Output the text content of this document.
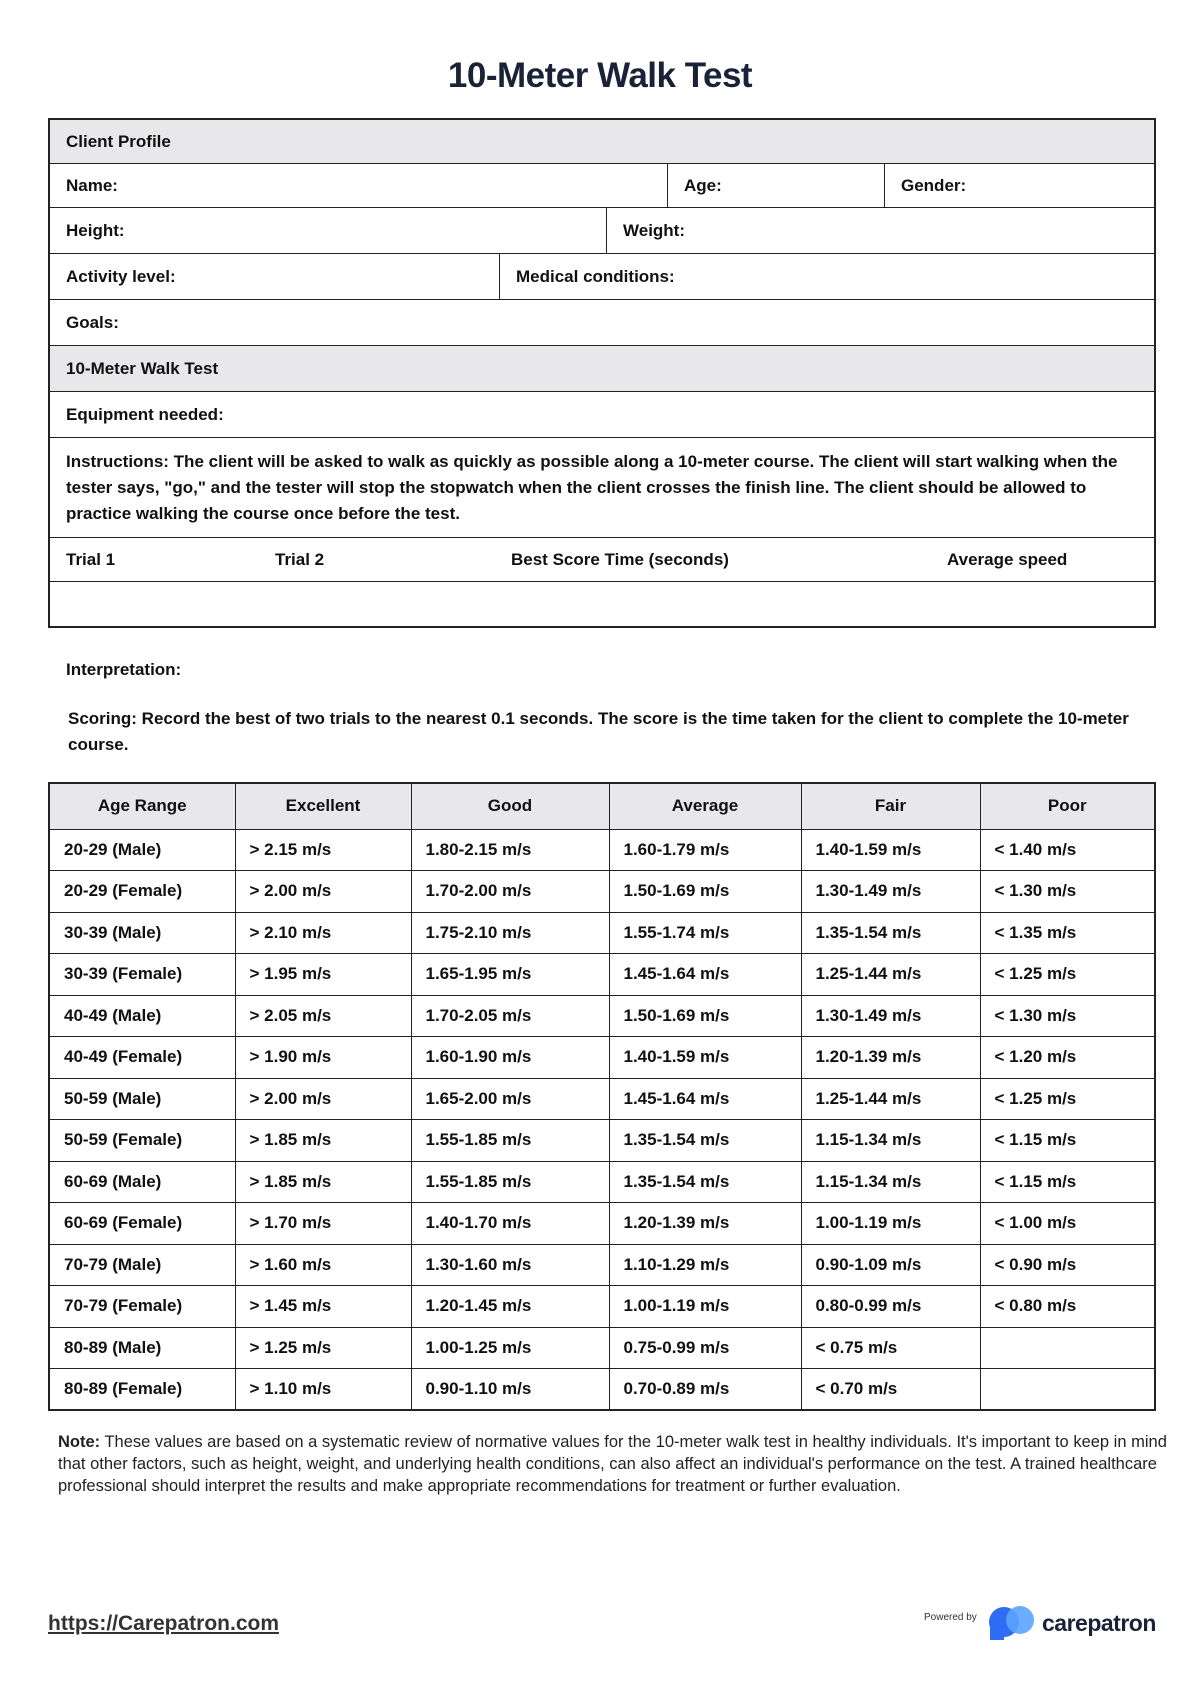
10-Meter Walk Test
Client Profile
Name:	Age:	Gender:
Height:	Weight:
Activity level:	Medical conditions:
Goals:
10-Meter Walk Test
Equipment needed:
Instructions: The client will be asked to walk as quickly as possible along a 10-meter course. The client will start walking when the tester says, "go," and the tester will stop the stopwatch when the client crosses the finish line. The client should be allowed to practice walking the course once before the test.
Trial 1	Trial 2	Best Score Time (seconds)	Average speed
Interpretation:
Scoring: Record the best of two trials to the nearest 0.1 seconds. The score is the time taken for the client to complete the 10-meter course.
Age Range	Excellent	Good	Average	Fair	Poor
20-29 (Male)	> 2.15 m/s	1.80-2.15 m/s	1.60-1.79 m/s	1.40-1.59 m/s	< 1.40 m/s
20-29 (Female)	> 2.00 m/s	1.70-2.00 m/s	1.50-1.69 m/s	1.30-1.49 m/s	< 1.30 m/s
30-39 (Male)	> 2.10 m/s	1.75-2.10 m/s	1.55-1.74 m/s	1.35-1.54 m/s	< 1.35 m/s
30-39 (Female)	> 1.95 m/s	1.65-1.95 m/s	1.45-1.64 m/s	1.25-1.44 m/s	< 1.25 m/s
40-49 (Male)	> 2.05 m/s	1.70-2.05 m/s	1.50-1.69 m/s	1.30-1.49 m/s	< 1.30 m/s
40-49 (Female)	> 1.90 m/s	1.60-1.90 m/s	1.40-1.59 m/s	1.20-1.39 m/s	< 1.20 m/s
50-59 (Male)	> 2.00 m/s	1.65-2.00 m/s	1.45-1.64 m/s	1.25-1.44 m/s	< 1.25 m/s
50-59 (Female)	> 1.85 m/s	1.55-1.85 m/s	1.35-1.54 m/s	1.15-1.34 m/s	< 1.15 m/s
60-69 (Male)	> 1.85 m/s	1.55-1.85 m/s	1.35-1.54 m/s	1.15-1.34 m/s	< 1.15 m/s
60-69 (Female)	> 1.70 m/s	1.40-1.70 m/s	1.20-1.39 m/s	1.00-1.19 m/s	< 1.00 m/s
70-79 (Male)	> 1.60 m/s	1.30-1.60 m/s	1.10-1.29 m/s	0.90-1.09 m/s	< 0.90 m/s
70-79 (Female)	> 1.45 m/s	1.20-1.45 m/s	1.00-1.19 m/s	0.80-0.99 m/s	< 0.80 m/s
80-89 (Male)	> 1.25 m/s	1.00-1.25 m/s	0.75-0.99 m/s	< 0.75 m/s	
80-89 (Female)	> 1.10 m/s	0.90-1.10 m/s	0.70-0.89 m/s	< 0.70 m/s	
Note: These values are based on a systematic review of normative values for the 10-meter walk test in healthy individuals. It's important to keep in mind that other factors, such as height, weight, and underlying health conditions, can also affect an individual's performance on the test. A trained healthcare professional should interpret the results and make appropriate recommendations for treatment or further evaluation.
https://Carepatron.com	Powered by	carepatron
